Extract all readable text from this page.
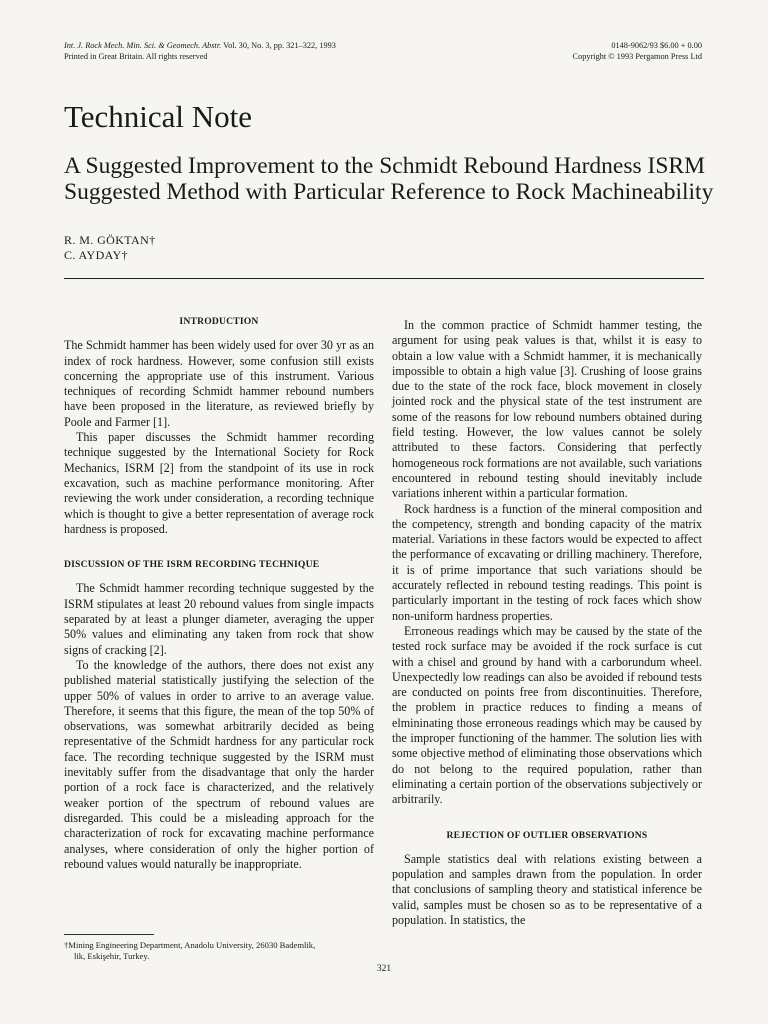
Int. J. Rock Mech. Min. Sci. & Geomech. Abstr. Vol. 30, No. 3, pp. 321–322, 1993
Printed in Great Britain. All rights reserved
0148-9062/93 $6.00 + 0.00
Copyright © 1993 Pergamon Press Ltd
Technical Note
A Suggested Improvement to the Schmidt Rebound Hardness ISRM Suggested Method with Particular Reference to Rock Machineability
R. M. GÖKTAN†
C. AYDAY†
INTRODUCTION

The Schmidt hammer has been widely used for over 30 yr as an index of rock hardness. However, some confusion still exists concerning the appropriate use of this instrument. Various techniques of recording Schmidt hammer rebound numbers have been proposed in the literature, as reviewed briefly by Poole and Farmer [1].

This paper discusses the Schmidt hammer recording technique suggested by the International Society for Rock Mechanics, ISRM [2] from the standpoint of its use in rock excavation, such as machine performance monitoring. After reviewing the work under consideration, a recording technique which is thought to give a better representation of average rock hardness is proposed.

DISCUSSION OF THE ISRM RECORDING TECHNIQUE

The Schmidt hammer recording technique suggested by the ISRM stipulates at least 20 rebound values from single impacts separated by at least a plunger diameter, averaging the upper 50% values and eliminating any taken from rock that show signs of cracking [2].

To the knowledge of the authors, there does not exist any published material statistically justifying the selection of the upper 50% of values in order to arrive to an average value. Therefore, it seems that this figure, the mean of the top 50% of observations, was somewhat arbitrarily decided as being representative of the Schmidt hardness for any particular rock face. The recording technique suggested by the ISRM must inevitably suffer from the disadvantage that only the harder portion of a rock face is characterized, and the relatively weaker portion of the spectrum of rebound values are disregarded. This could be a misleading approach for the characterization of rock for excavating machine performance analyses, where consideration of only the higher portion of rebound values would naturally be inappropriate.

In the common practice of Schmidt hammer testing, the argument for using peak values is that, whilst it is easy to obtain a low value with a Schmidt hammer, it is mechanically impossible to obtain a high value [3]. Crushing of loose grains due to the state of the rock face, block movement in closely jointed rock and the physical state of the test instrument are some of the reasons for low rebound numbers obtained during field testing. However, the low values cannot be solely attributed to these factors. Considering that perfectly homogeneous rock formations are not available, such variations encountered in rebound testing should inevitably include variations inherent within a particular formation.

Rock hardness is a function of the mineral composition and the competency, strength and bonding capacity of the matrix material. Variations in these factors would be expected to affect the performance of excavating or drilling machinery. Therefore, it is of prime importance that such variations should be accurately reflected in rebound testing readings. This point is particularly important in the testing of rock faces which show non-uniform hardness properties.

Erroneous readings which may be caused by the state of the tested rock surface may be avoided if the rock surface is cut with a chisel and ground by hand with a carborundum wheel. Unexpectedly low readings can also be avoided if rebound tests are conducted on points free from discontinuities. Therefore, the problem in practice reduces to finding a means of elmininating those erroneous readings which may be caused by the improper functioning of the hammer. The solution lies with some objective method of eliminating those observations which do not belong to the required population, rather than eliminating a certain portion of the observations subjectively or arbitrarily.

REJECTION OF OUTLIER OBSERVATIONS

Sample statistics deal with relations existing between a population and samples drawn from the population. In order that conclusions of sampling theory and statistical inference be valid, samples must be chosen so as to be representative of a population. In statistics, the

†Mining Engineering Department, Anadolu University, 26030 Bademlik,
lik, Eskişehir, Turkey.
321
